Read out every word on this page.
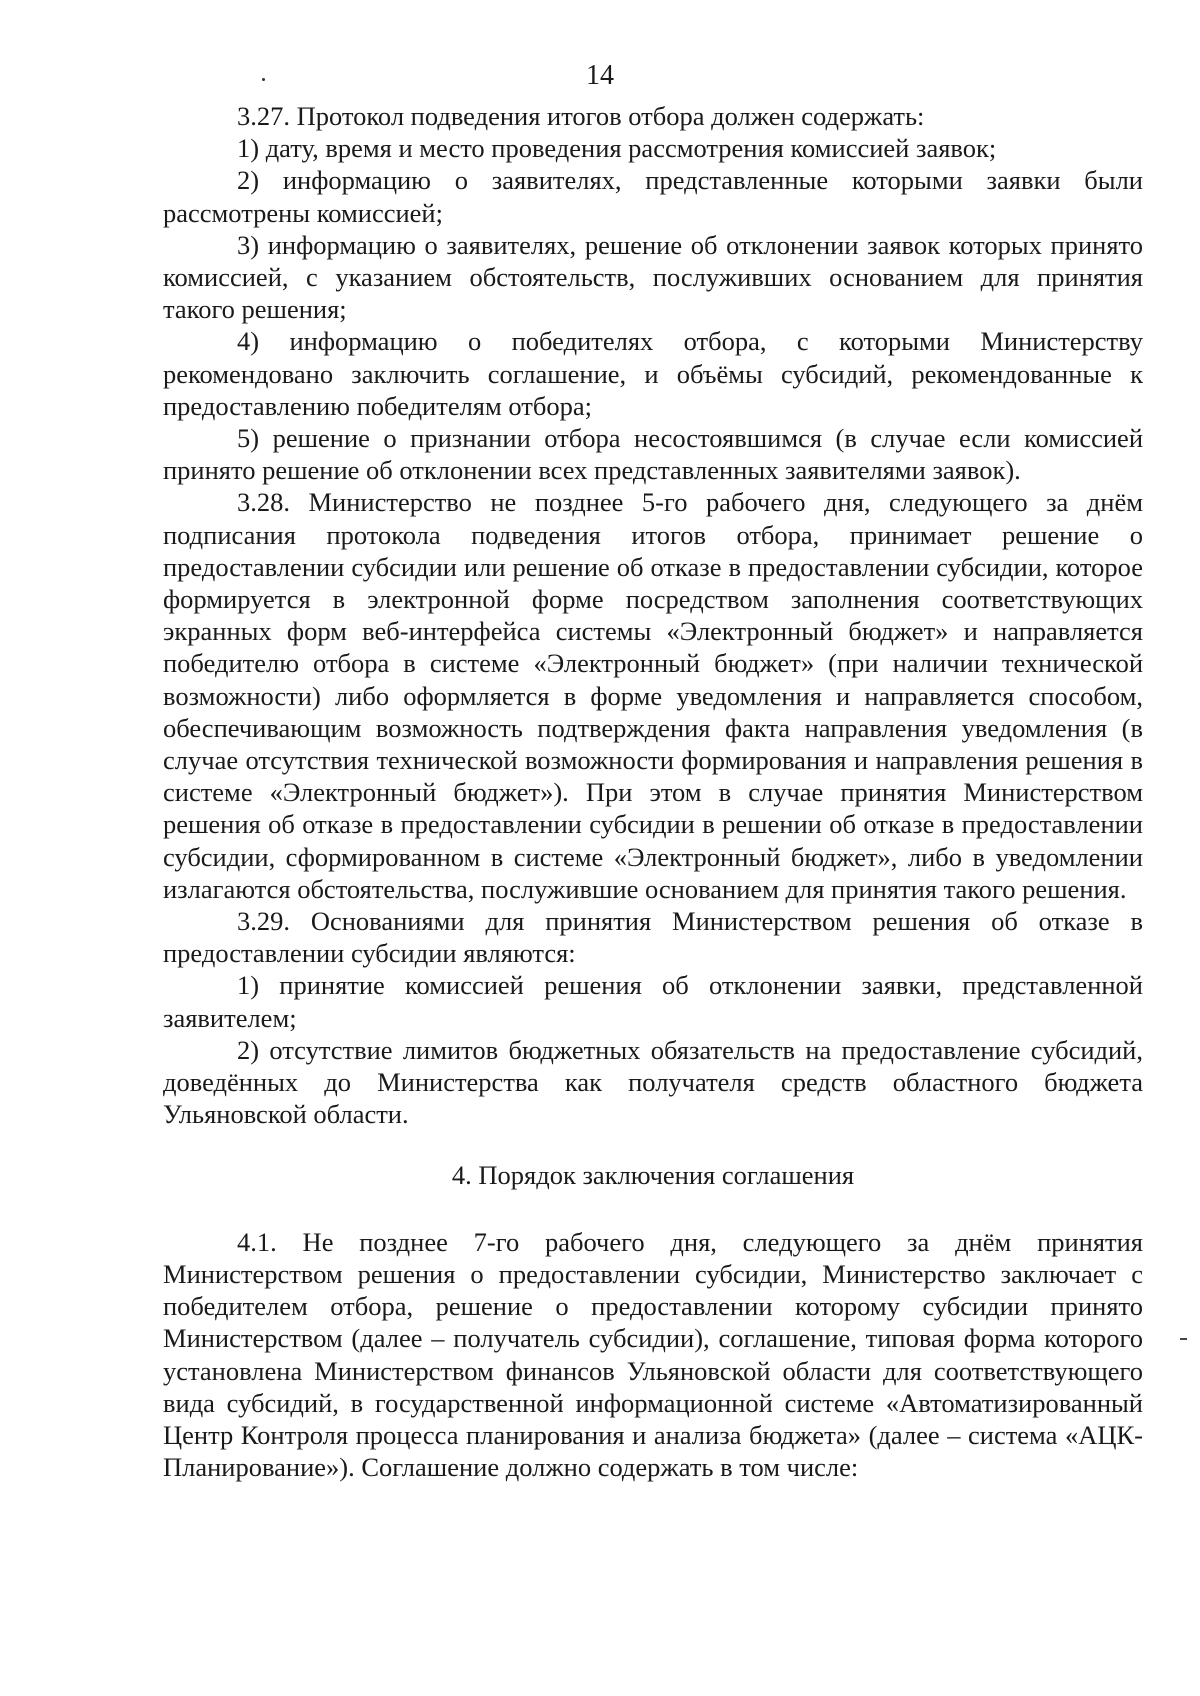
14

3.27. Протокол подведения итогов отбора должен содержать:

1) дату, время и место проведения рассмотрения комиссией заявок;

2) информацию о заявителях, представленные которыми заявки были рассмотрены комиссией;

3) информацию о заявителях, решение об отклонении заявок которых принято комиссией, с указанием обстоятельств, послуживших основанием для принятия такого решения;

4) информацию о победителях отбора, с которыми Министерству рекомендовано заключить соглашение, и объёмы субсидий, рекомендованные к предоставлению победителям отбора;

5) решение о признании отбора несостоявшимся (в случае если комиссией принято решение об отклонении всех представленных заявителями заявок).

3.28. Министерство не позднее 5-го рабочего дня, следующего за днём подписания протокола подведения итогов отбора, принимает решение о предоставлении субсидии или решение об отказе в предоставлении субсидии, которое формируется в электронной форме посредством заполнения соответствующих экранных форм веб-интерфейса системы «Электронный бюджет» и направляется победителю отбора в системе «Электронный бюджет» (при наличии технической возможности) либо оформляется в форме уведомления и направляется способом, обеспечивающим возможность подтверждения факта направления уведомления (в случае отсутствия технической возможности формирования и направления решения в системе «Электронный бюджет»). При этом в случае принятия Министерством решения об отказе в предоставлении субсидии в решении об отказе в предоставлении субсидии, сформированном в системе «Электронный бюджет», либо в уведомлении излагаются обстоятельства, послужившие основанием для принятия такого решения.

3.29. Основаниями для принятия Министерством решения об отказе в предоставлении субсидии являются:

1) принятие комиссией решения об отклонении заявки, представленной заявителем;

2) отсутствие лимитов бюджетных обязательств на предоставление субсидий, доведённых до Министерства как получателя средств областного бюджета Ульяновской области.

4. Порядок заключения соглашения

4.1. Не позднее 7-го рабочего дня, следующего за днём принятия Министерством решения о предоставлении субсидии, Министерство заключает с победителем отбора, решение о предоставлении которому субсидии принято Министерством (далее – получатель субсидии), соглашение, типовая форма которого установлена Министерством финансов Ульяновской области для соответствующего вида субсидий, в государственной информационной системе «Автоматизированный Центр Контроля процесса планирования и анализа бюджета» (далее – система «АЦК-Планирование»). Соглашение должно содержать в том числе:
